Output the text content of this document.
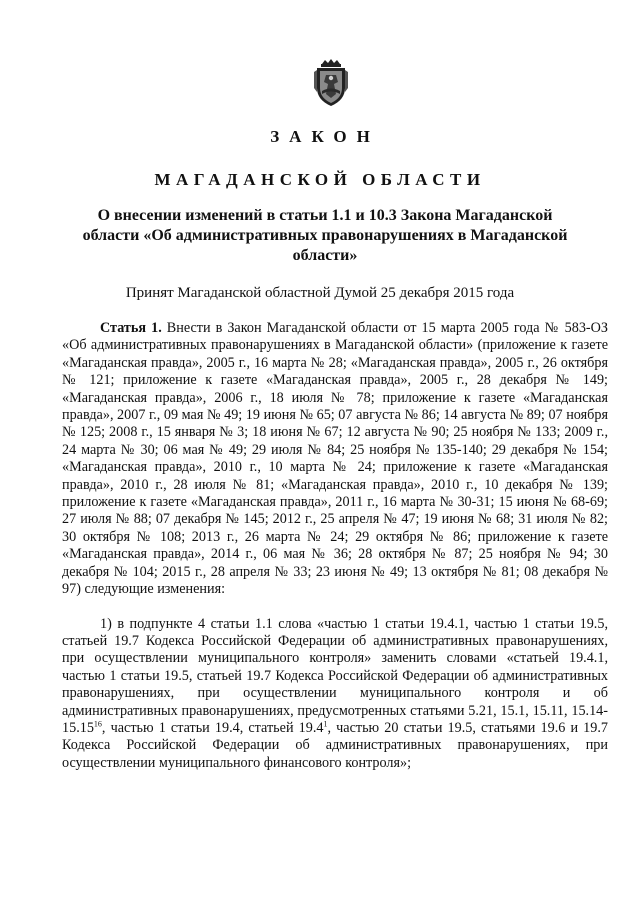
ЗАКОН
МАГАДАНСКОЙ ОБЛАСТИ
О внесении изменений в статьи 1.1 и 10.3 Закона Магаданской области «Об административных правонарушениях в Магаданской области»
Принят Магаданской областной Думой 25 декабря 2015 года

Статья 1. Внести в Закон Магаданской области от 15 марта 2005 года № 583-ОЗ «Об административных правонарушениях в Магаданской области» (приложение к газете «Магаданская правда», 2005 г., 16 марта № 28; «Магаданская правда», 2005 г., 26 октября № 121; приложение к газете «Магаданская правда», 2005 г., 28 декабря № 149; «Магаданская правда», 2006 г., 18 июля № 78; приложение к газете «Магаданская правда», 2007 г., 09 мая № 49; 19 июня № 65; 07 августа № 86; 14 августа № 89; 07 ноября № 125; 2008 г., 15 января № 3; 18 июня № 67; 12 августа № 90; 25 ноября № 133; 2009 г., 24 марта № 30; 06 мая № 49; 29 июля № 84; 25 ноября № 135-140; 29 декабря № 154; «Магаданская правда», 2010 г., 10 марта № 24; приложение к газете «Магаданская правда», 2010 г., 28 июля № 81; «Магаданская правда», 2010 г., 10 декабря № 139; приложение к газете «Магаданская правда», 2011 г., 16 марта № 30-31; 15 июня № 68-69; 27 июля № 88; 07 декабря № 145; 2012 г., 25 апреля № 47; 19 июня № 68; 31 июля № 82; 30 октября № 108; 2013 г., 26 марта № 24; 29 октября № 86; приложение к газете «Магаданская правда», 2014 г., 06 мая № 36; 28 октября № 87; 25 ноября № 94; 30 декабря № 104; 2015 г., 28 апреля № 33; 23 июня № 49; 13 октября № 81; 08 декабря № 97) следующие изменения:

1) в подпункте 4 статьи 1.1 слова «частью 1 статьи 19.4.1, частью 1 статьи 19.5, статьей 19.7 Кодекса Российской Федерации об административных правонарушениях, при осуществлении муниципального контроля» заменить словами «статьей 19.4.1, частью 1 статьи 19.5, статьей 19.7 Кодекса Российской Федерации об административных правонарушениях, при осуществлении муниципального контроля и об административных правонарушениях, предусмотренных статьями 5.21, 15.1, 15.11, 15.14-15.15$^{16}$, частью 1 статьи 19.4, статьей 19.4$^1$, частью 20 статьи 19.5, статьями 19.6 и 19.7 Кодекса Российской Федерации об административных правонарушениях, при осуществлении муниципального финансового контроля»;
